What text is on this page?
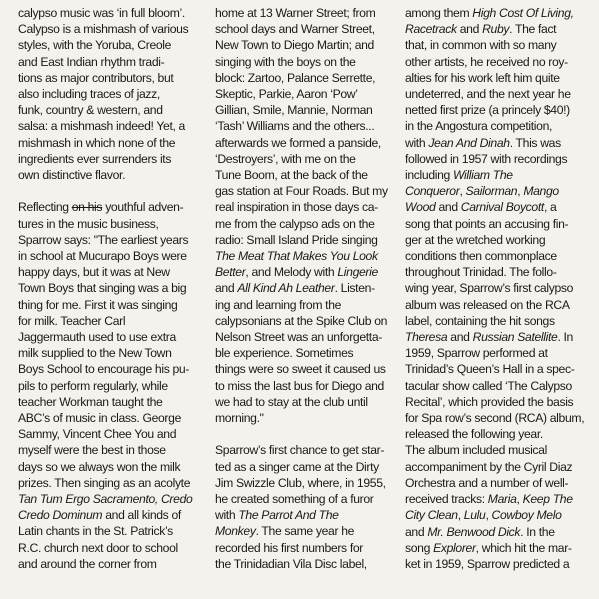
calypso music was ‘in full bloom’.
Calypso is a mishmash of various
styles, with the Yoruba, Creole
and East Indian rhythm tradi-
tions as major contributors, but
also including traces of jazz,
funk, country & western, and
salsa: a mishmash indeed! Yet, a
mishmash in which none of the
ingredients ever surrenders its
own distinctive flavor.
Reflecting on his youthful adven-
tures in the music business,
Sparrow says: "The earliest years
in school at Mucurapo Boys were
happy days, but it was at New
Town Boys that singing was a big
thing for me. First it was singing
for milk. Teacher Carl
Jaggermauth used to use extra
milk supplied to the New Town
Boys School to encourage his pu-
pils to perform regularly, while
teacher Workman taught the
ABC’s of music in class. George
Sammy, Vincent Chee You and
myself were the best in those
days so we always won the milk
prizes. Then singing as an acolyte
Tan Tum Ergo Sacramento, Credo
Credo Dominum and all kinds of
Latin chants in the St. Patrick’s
R.C. church next door to school
and around the corner from
home at 13 Warner Street; from
school days and Warner Street,
New Town to Diego Martin; and
singing with the boys on the
block: Zartoo, Palance Serrette,
Skeptic, Parkie, Aaron ‘Pow’
Gillian, Smile, Mannie, Norman
‘Tash’ Williams and the others...
afterwards we formed a panside,
‘Destroyers’, with me on the
Tune Boom, at the back of the
gas station at Four Roads. But my
real inspiration in those days ca-
me from the calypso ads on the
radio: Small Island Pride singing
The Meat That Makes You Look
Better, and Melody with Lingerie
and All Kind Ah Leather. Listen-
ing and learning from the
calypsonians at the Spike Club on
Nelson Street was an unforgetta-
ble experience. Sometimes
things were so sweet it caused us
to miss the last bus for Diego and
we had to stay at the club until
morning."
Sparrow’s first chance to get star-
ted as a singer came at the Dirty
Jim Swizzle Club, where, in 1955,
he created something of a furor
with The Parrot And The
Monkey. The same year he
recorded his first numbers for
the Trinidadian Vila Disc label,
among them High Cost Of Living,
Racetrack and Ruby. The fact
that, in common with so many
other artists, he received no roy-
alties for his work left him quite
undeterred, and the next year he
netted first prize (a princely $40!)
in the Angostura competition,
with Jean And Dinah. This was
followed in 1957 with recordings
including William The
Conqueror, Sailorman, Mango
Wood and Carnival Boycott, a
song that points an accusing fin-
ger at the wretched working
conditions then commonplace
throughout Trinidad. The follo-
wing year, Sparrow’s first calypso
album was released on the RCA
label, containing the hit songs
Theresa and Russian Satellite. In
1959, Sparrow performed at
Trinidad’s Queen’s Hall in a spec-
tacular show called ‘The Calypso
Recital’, which provided the basis
for Spa row’s second (RCA) album,
released the following year.
The album included musical
accompaniment by the Cyril Diaz
Orchestra and a number of well-
received tracks: Maria, Keep The
City Clean, Lulu, Cowboy Melo
and Mr. Benwood Dick. In the
song Explorer, which hit the mar-
ket in 1959, Sparrow predicted a
